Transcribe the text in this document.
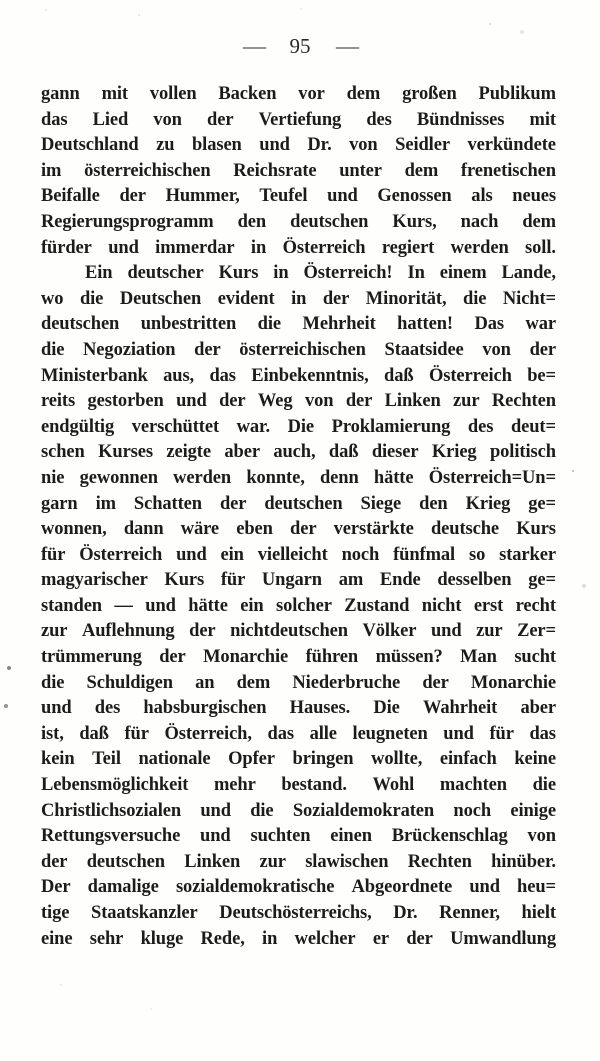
— 95 —
gann mit vollen Backen vor dem großen Publikum
das Lied von der Vertiefung des Bündnisses mit
Deutschland zu blasen und Dr. von Seidler verkündete
im österreichischen Reichsrate unter dem frenetischen
Beifalle der Hummer, Teufel und Genossen als neues
Regierungsprogramm den deutschen Kurs, nach dem
fürder und immerdar in Österreich regiert werden soll.
Ein deutscher Kurs in Österreich! In einem Lande,
wo die Deutschen evident in der Minorität, die Nicht=
deutschen unbestritten die Mehrheit hatten! Das war
die Negoziation der österreichischen Staatsidee von der
Ministerbank aus, das Einbekenntnis, daß Österreich be=
reits gestorben und der Weg von der Linken zur Rechten
endgültig verschüttet war. Die Proklamierung des deut=
schen Kurses zeigte aber auch, daß dieser Krieg politisch
nie gewonnen werden konnte, denn hätte Österreich=Un=
garn im Schatten der deutschen Siege den Krieg ge=
wonnen, dann wäre eben der verstärkte deutsche Kurs
für Österreich und ein vielleicht noch fünfmal so starker
magyarischer Kurs für Ungarn am Ende desselben ge=
standen — und hätte ein solcher Zustand nicht erst recht
zur Auflehnung der nichtdeutschen Völker und zur Zer=
trümmerung der Monarchie führen müssen? Man sucht
die Schuldigen an dem Niederbruche der Monarchie
und des habsburgischen Hauses. Die Wahrheit aber
ist, daß für Österreich, das alle leugneten und für das
kein Teil nationale Opfer bringen wollte, einfach keine
Lebensmöglichkeit mehr bestand. Wohl machten die
Christlichsozialen und die Sozialdemokraten noch einige
Rettungsversuche und suchten einen Brückenschlag von
der deutschen Linken zur slawischen Rechten hinüber.
Der damalige sozialdemokratische Abgeordnete und heu=
tige Staatskanzler Deutschösterreichs, Dr. Renner, hielt
eine sehr kluge Rede, in welcher er der Umwandlung
